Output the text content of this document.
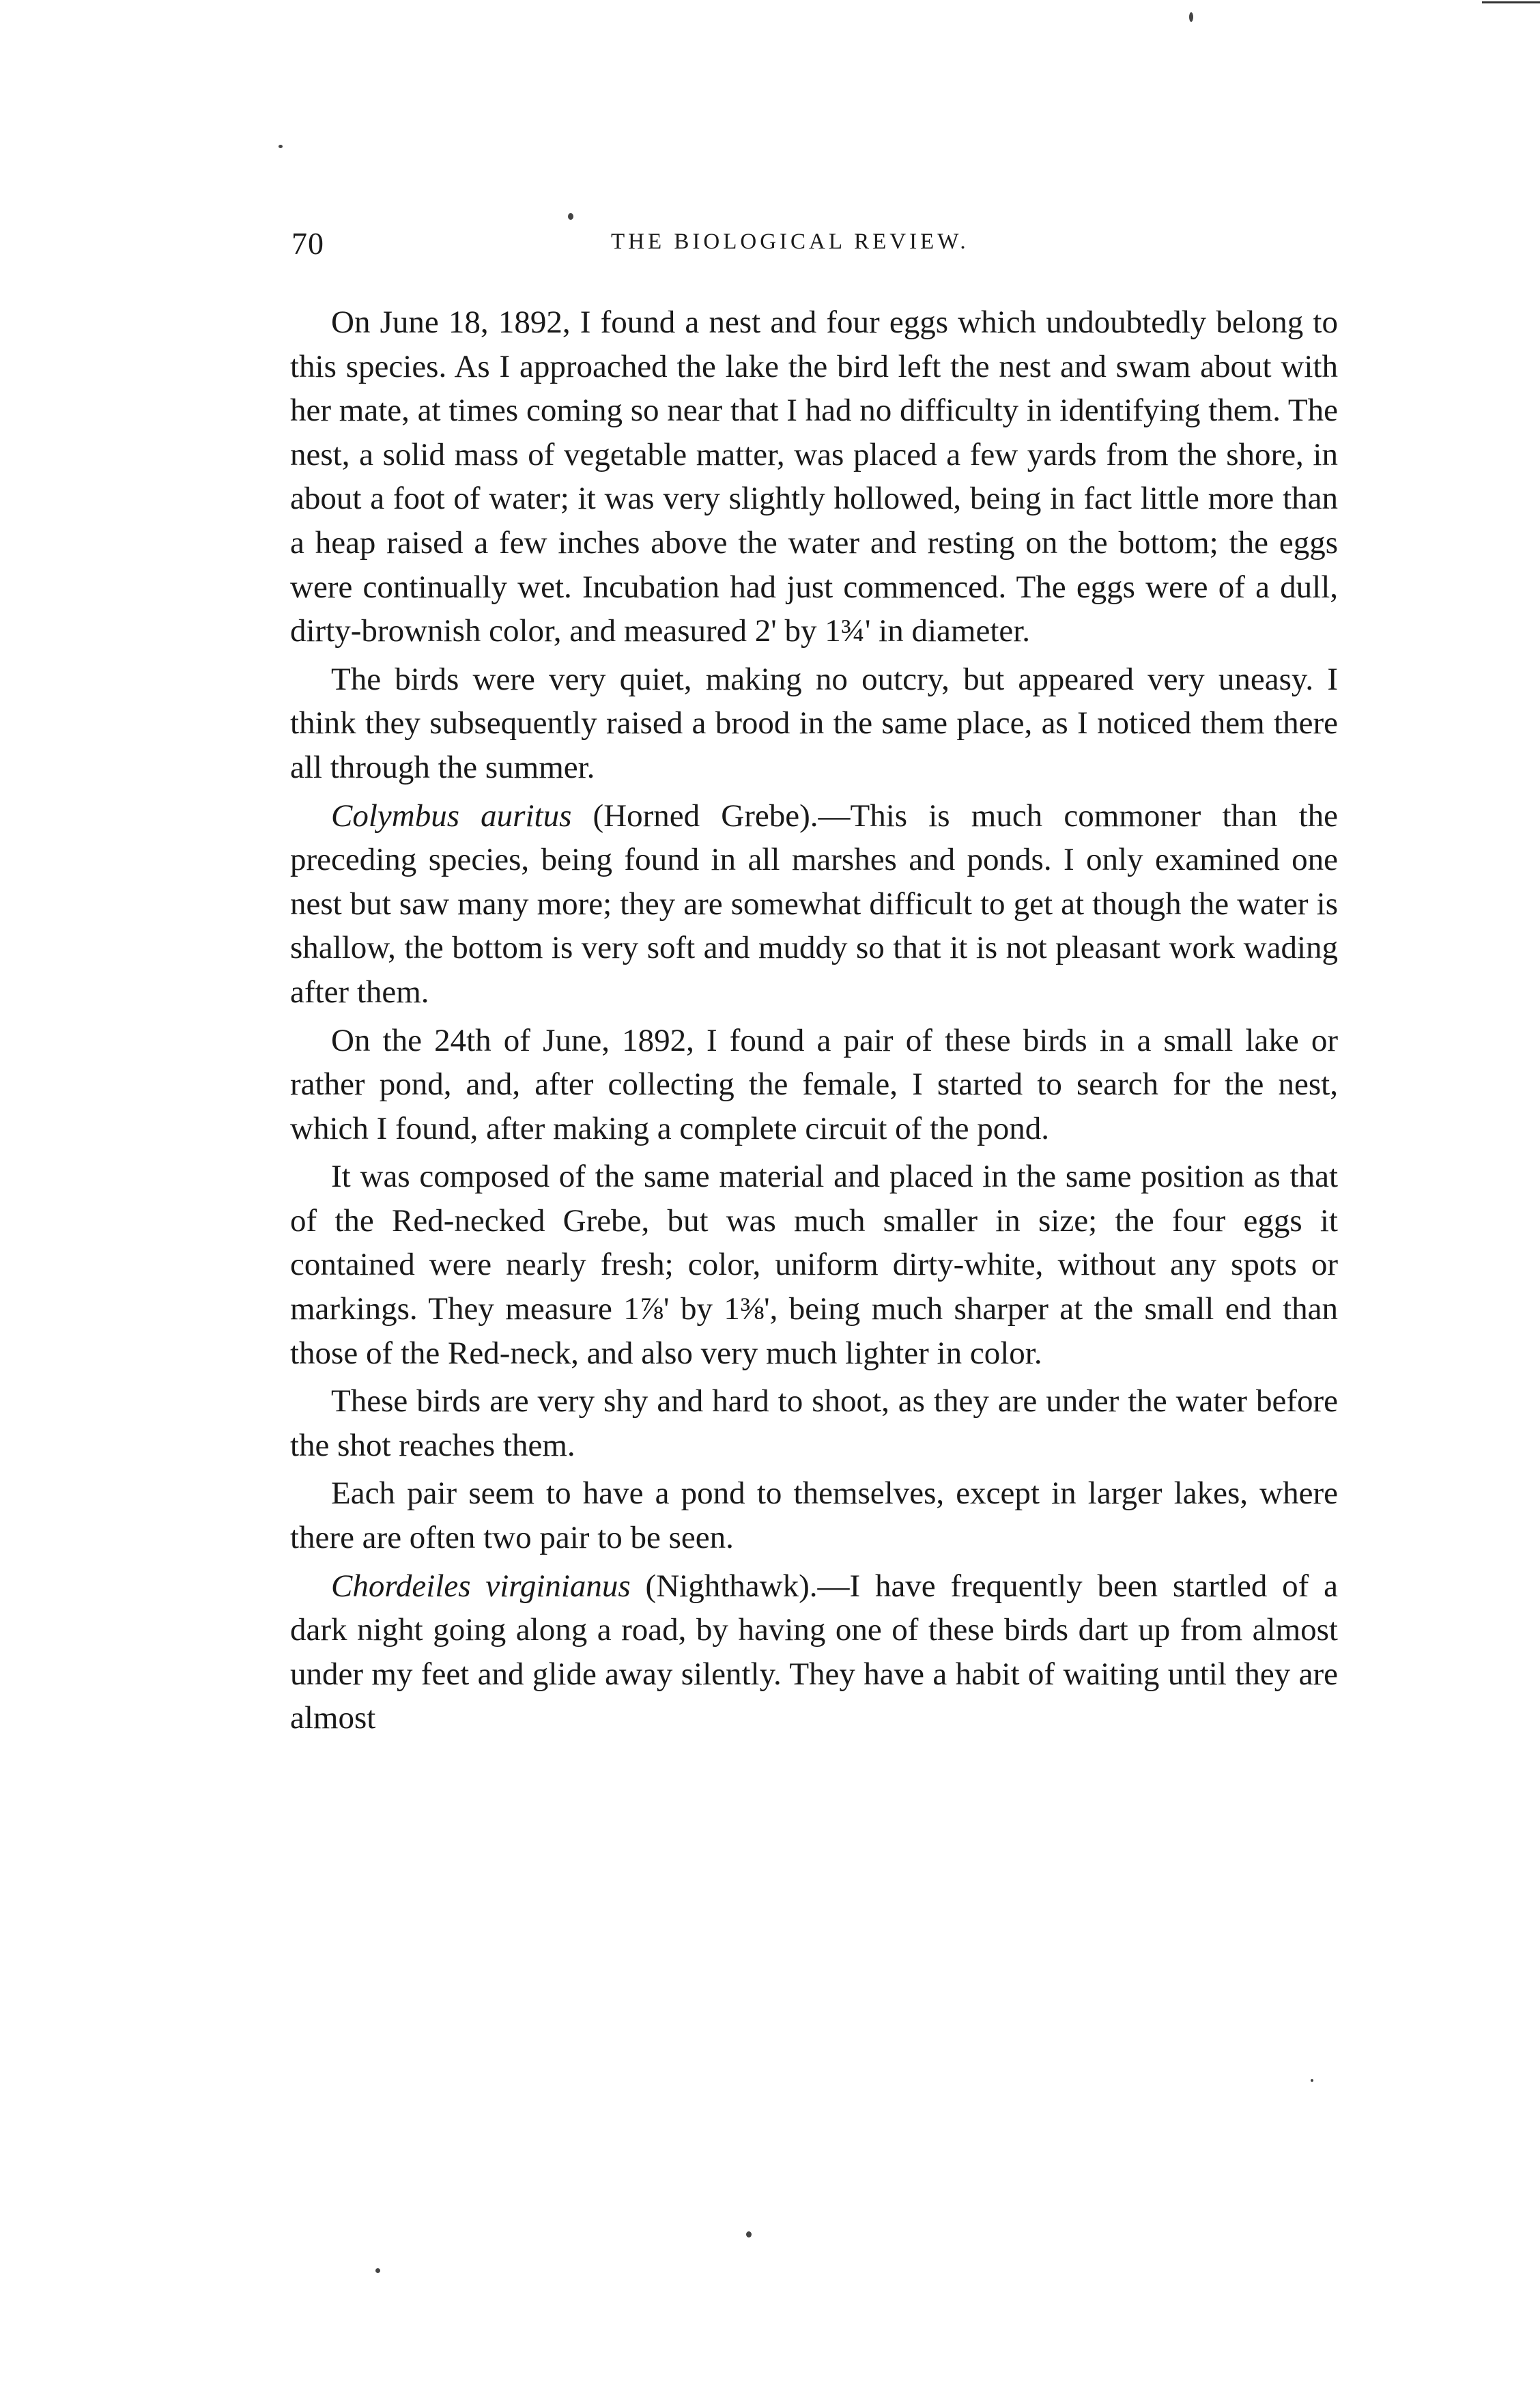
70	THE BIOLOGICAL REVIEW.

On June 18, 1892, I found a nest and four eggs which undoubtedly belong to this species. As I approached the lake the bird left the nest and swam about with her mate, at times coming so near that I had no difficulty in identifying them. The nest, a solid mass of vegetable matter, was placed a few yards from the shore, in about a foot of water; it was very slightly hollowed, being in fact little more than a heap raised a few inches above the water and resting on the bottom; the eggs were continually wet. Incubation had just commenced. The eggs were of a dull, dirty-brownish color, and measured 2' by 1¾' in diameter.

The birds were very quiet, making no outcry, but appeared very uneasy. I think they subsequently raised a brood in the same place, as I noticed them there all through the summer.

Colymbus auritus (Horned Grebe).—This is much commoner than the preceding species, being found in all marshes and ponds. I only examined one nest but saw many more; they are somewhat difficult to get at though the water is shallow, the bottom is very soft and muddy so that it is not pleasant work wading after them.

On the 24th of June, 1892, I found a pair of these birds in a small lake or rather pond, and, after collecting the female, I started to search for the nest, which I found, after making a complete circuit of the pond.

It was composed of the same material and placed in the same position as that of the Red-necked Grebe, but was much smaller in size; the four eggs it contained were nearly fresh; color, uniform dirty-white, without any spots or markings. They measure 1⅞' by 1⅜', being much sharper at the small end than those of the Red-neck, and also very much lighter in color.

These birds are very shy and hard to shoot, as they are under the water before the shot reaches them.

Each pair seem to have a pond to themselves, except in larger lakes, where there are often two pair to be seen.

Chordeiles virginianus (Nighthawk).—I have frequently been startled of a dark night going along a road, by having one of these birds dart up from almost under my feet and glide away silently. They have a habit of waiting until they are almost
